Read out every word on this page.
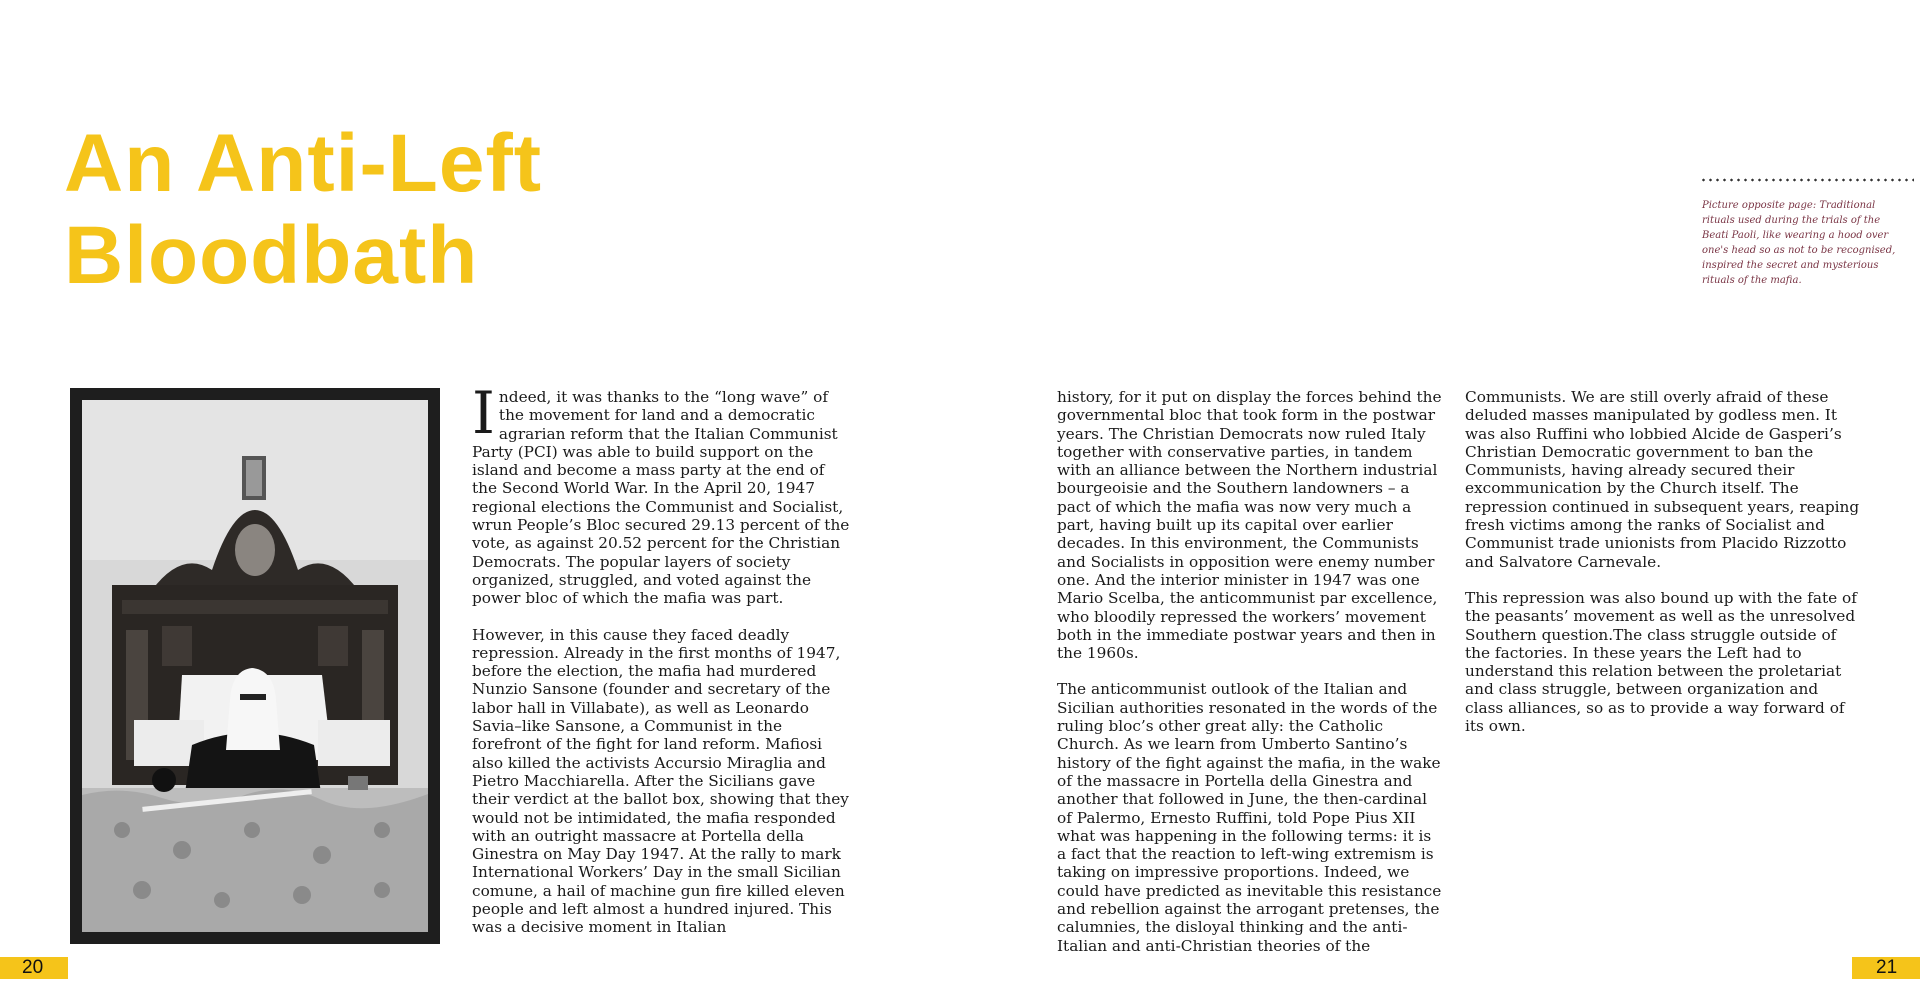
An Anti-Left
Bloodbath

Picture opposite page: Traditional rituals used during the trials of the Beati Paoli, like wearing a hood over one's head so as not to be recognised, inspired the secret and mysterious rituals of the mafia.

Indeed, it was thanks to the “long wave” of the movement for land and a democratic agrarian reform that the Italian Communist Party (PCI) was able to build support on the island and become a mass party at the end of the Second World War. In the April 20, 1947 regional elections the Communist and Socialist, wrun People’s Bloc secured 29.13 percent of the vote, as against 20.52 percent for the Christian Democrats. The popular layers of society organized, struggled, and voted against the power bloc of which the mafia was part.

However, in this cause they faced deadly repression. Already in the first months of 1947, before the election, the mafia had murdered Nunzio Sansone (founder and secretary of the labor hall in Villabate), as well as Leonardo Savia–like Sansone, a Communist in the forefront of the fight for land reform. Mafiosi also killed the activists Accursio Miraglia and Pietro Macchiarella. After the Sicilians gave their verdict at the ballot box, showing that they would not be intimidated, the mafia responded with an outright massacre at Portella della Ginestra on May Day 1947. At the rally to mark International Workers’ Day in the small Sicilian comune, a hail of machine gun fire killed eleven people and left almost a hundred injured. This was a decisive moment in Italian

history, for it put on display the forces behind the governmental bloc that took form in the postwar years. The Christian Democrats now ruled Italy together with conservative parties, in tandem with an alliance between the Northern industrial bourgeoisie and the Southern landowners – a pact of which the mafia was now very much a part, having built up its capital over earlier decades. In this environment, the Communists and Socialists in opposition were enemy number one. And the interior minister in 1947 was one Mario Scelba, the anticommunist par excellence, who bloodily repressed the workers’ movement both in the immediate postwar years and then in the 1960s.

The anticommunist outlook of the Italian and Sicilian authorities resonated in the words of the ruling bloc’s other great ally: the Catholic Church. As we learn from Umberto Santino’s history of the fight against the mafia, in the wake of the massacre in Portella della Ginestra and another that followed in June, the then-cardinal of Palermo, Ernesto Ruffini, told Pope Pius XII what was happening in the following terms: it is a fact that the reaction to left-wing extremism is taking on impressive proportions. Indeed, we could have predicted as inevitable this resistance and rebellion against the arrogant pretenses, the calumnies, the disloyal thinking and the anti-Italian and anti-Christian theories of the

Communists. We are still overly afraid of these deluded masses manipulated by godless men. It was also Ruffini who lobbied Alcide de Gasperi’s Christian Democratic government to ban the Communists, having already secured their excommunication by the Church itself. The repression continued in subsequent years, reaping fresh victims among the ranks of Socialist and Communist trade unionists from Placido Rizzotto and Salvatore Carnevale.

This repression was also bound up with the fate of the peasants’ movement as well as the unresolved Southern question.The class struggle outside of the factories. In these years the Left had to understand this relation between the proletariat and class struggle, between organization and class alliances, so as to provide a way forward of its own.

20	21
